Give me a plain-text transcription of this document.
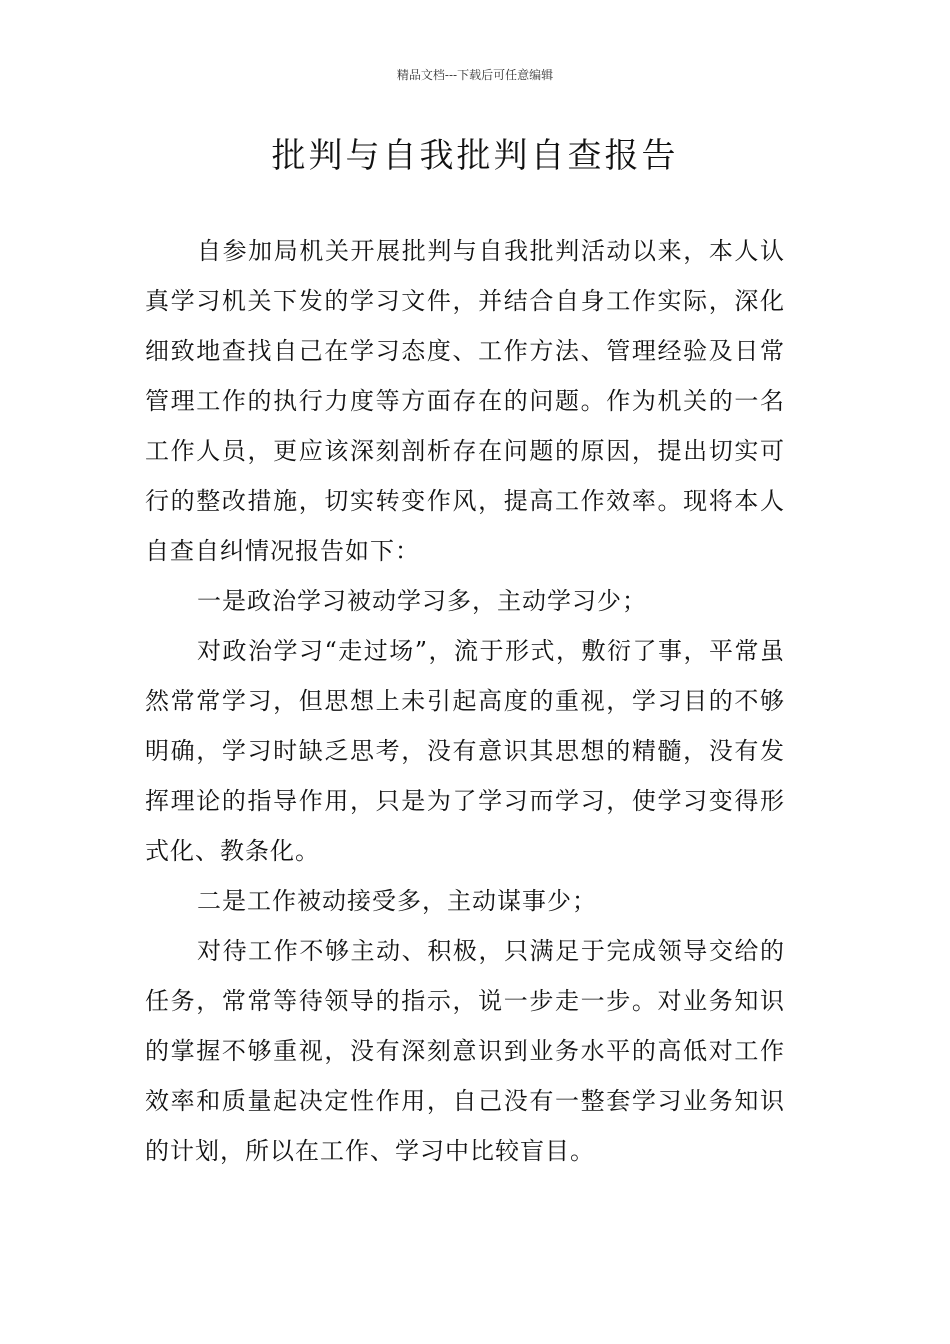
精品文档---下载后可任意编辑
批判与自我批判自查报告

自参加局机关开展批判与自我批判活动以来，本人认真学习机关下发的学习文件，并结合自身工作实际，深化细致地查找自己在学习态度、工作方法、管理经验及日常管理工作的执行力度等方面存在的问题。作为机关的一名工作人员，更应该深刻剖析存在问题的原因，提出切实可行的整改措施，切实转变作风，提高工作效率。现将本人自查自纠情况报告如下：

一是政治学习被动学习多，主动学习少；

对政治学习“走过场”，流于形式，敷衍了事，平常虽然常常学习，但思想上未引起高度的重视，学习目的不够明确，学习时缺乏思考，没有意识其思想的精髓，没有发挥理论的指导作用，只是为了学习而学习，使学习变得形式化、教条化。

二是工作被动接受多，主动谋事少；

对待工作不够主动、积极，只满足于完成领导交给的任务，常常等待领导的指示，说一步走一步。对业务知识的掌握不够重视，没有深刻意识到业务水平的高低对工作效率和质量起决定性作用，自己没有一整套学习业务知识的计划，所以在工作、学习中比较盲目。
